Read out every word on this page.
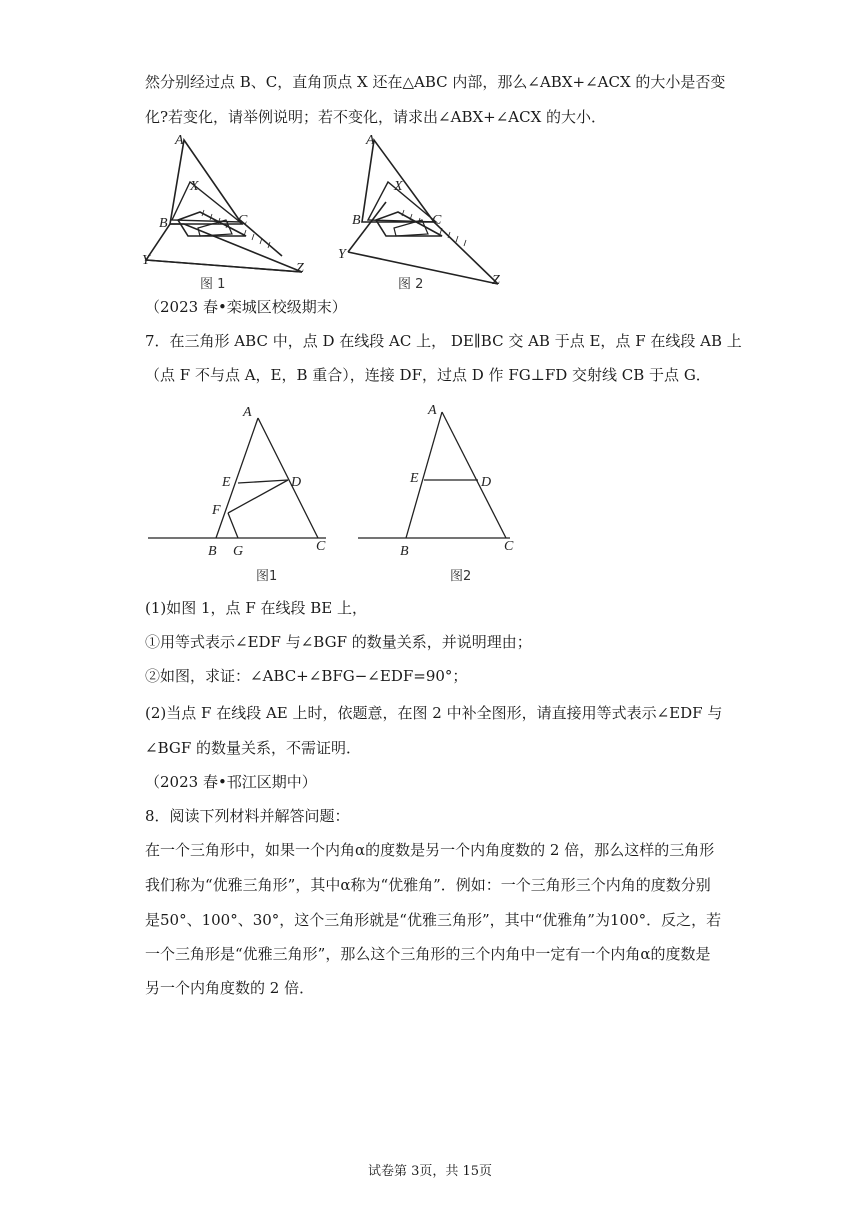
然分别经过点 B、C，直角顶点 X 还在△ABC 内部，那么∠ABX+∠ACX 的大小是否变
化?若变化，请举例说明；若不变化，请求出∠ABX+∠ACX 的大小．
A
X
B	C
Y
Z
图 1
A
X
B	C
Y
Z
图 2
（2023 春•栾城区校级期末）
7．在三角形 ABC 中，点 D 在线段 AC 上， DE∥BC 交 AB 于点 E，点 F 在线段 AB 上
（点 F 不与点 A，E，B 重合），连接 DF，过点 D 作 FG⊥FD 交射线 CB 于点 G．
A
E	D
F
B G	C
图1
A
E	D
B	C
图2
(1)如图 1，点 F 在线段 BE 上，
①用等式表示∠EDF 与∠BGF 的数量关系，并说明理由；
②如图，求证：∠ABC+∠BFG−∠EDF=90°；
(2)当点 F 在线段 AE 上时，依题意，在图 2 中补全图形，请直接用等式表示∠EDF 与
∠BGF 的数量关系，不需证明．
（2023 春•邗江区期中）
8．阅读下列材料并解答问题：
在一个三角形中，如果一个内角α的度数是另一个内角度数的 2 倍，那么这样的三角形
我们称为“优雅三角形”，其中α称为“优雅角”．例如：一个三角形三个内角的度数分别
是50°、100°、30°，这个三角形就是“优雅三角形”，其中“优雅角”为100°．反之，若
一个三角形是“优雅三角形”，那么这个三角形的三个内角中一定有一个内角α的度数是
另一个内角度数的 2 倍．
试卷第 3页，共 15页
